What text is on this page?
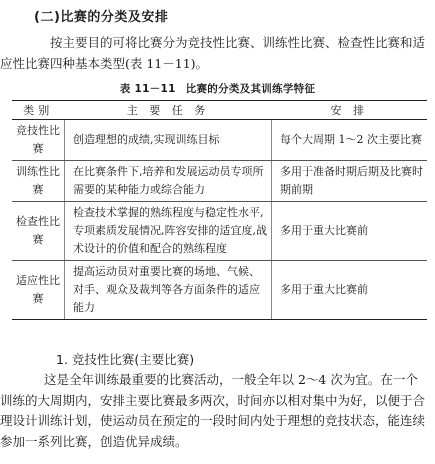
(二)比赛的分类及安排

按主要目的可将比赛分为竞技性比赛、训练性比赛、检查性比赛和适应性比赛四种基本类型(表 11－11)。

表 11－11 比赛的分类及其训练学特征
类别	主 要 任 务	安 排
竞技性比赛	创造理想的成绩,实现训练目标	每个大周期 1～2 次主要比赛
训练性比赛	在比赛条件下,培养和发展运动员专项所需要的某种能力或综合能力	多用于准备时期后期及比赛时期前期
检查性比赛	检查技术掌握的熟练程度与稳定性水平,专项素质发展情况,阵容安排的适宜度,战术设计的价值和配合的熟练程度	多用于重大比赛前
适应性比赛	提高运动员对重要比赛的场地、气候、对手、观众及裁判等各方面条件的适应能力	多用于重大比赛前
1. 竞技性比赛(主要比赛)

这是全年训练最重要的比赛活动，一般全年以 2～4 次为宜。在一个训练的大周期内，安排主要比赛最多两次，时间亦以相对集中为好，以便于合理设计训练计划，使运动员在预定的一段时间内处于理想的竞技状态，能连续参加一系列比赛，创造优异成绩。
